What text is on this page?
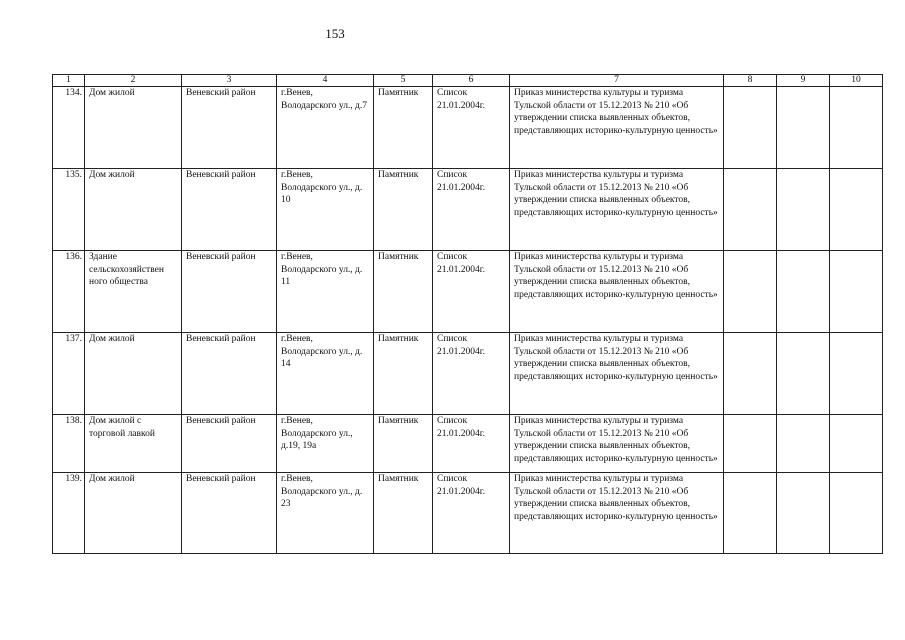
153
1	2	3	4	5	6	7	8	9	10
134.	Дом жилой	Веневский район	г.Венев, Володарского ул., д.7	Памятник	Список 21.01.2004г.	Приказ министерства культуры и туризма Тульской области от 15.12.2013 № 210 «Об утверждении списка выявленных объектов, представляющих историко-культурную ценность»			
135.	Дом жилой	Веневский район	г.Венев, Володарского ул., д. 10	Памятник	Список 21.01.2004г.	Приказ министерства культуры и туризма Тульской области от 15.12.2013 № 210 «Об утверждении списка выявленных объектов, представляющих историко-культурную ценность»			
136.	Здание сельскохозяйствен ного общества	Веневский район	г.Венев, Володарского ул., д. 11	Памятник	Список 21.01.2004г.	Приказ министерства культуры и туризма Тульской области от 15.12.2013 № 210 «Об утверждении списка выявленных объектов, представляющих историко-культурную ценность»			
137.	Дом жилой	Веневский район	г.Венев, Володарского ул., д. 14	Памятник	Список 21.01.2004г.	Приказ министерства культуры и туризма Тульской области от 15.12.2013 № 210 «Об утверждении списка выявленных объектов, представляющих историко-культурную ценность»			
138.	Дом жилой с торговой лавкой	Веневский район	г.Венев, Володарского ул., д.19, 19а	Памятник	Список 21.01.2004г.	Приказ министерства культуры и туризма Тульской области от 15.12.2013 № 210 «Об утверждении списка выявленных объектов, представляющих историко-культурную ценность»			
139.	Дом жилой	Веневский район	г.Венев, Володарского ул., д. 23	Памятник	Список 21.01.2004г.	Приказ министерства культуры и туризма Тульской области от 15.12.2013 № 210 «Об утверждении списка выявленных объектов, представляющих историко-культурную ценность»			
